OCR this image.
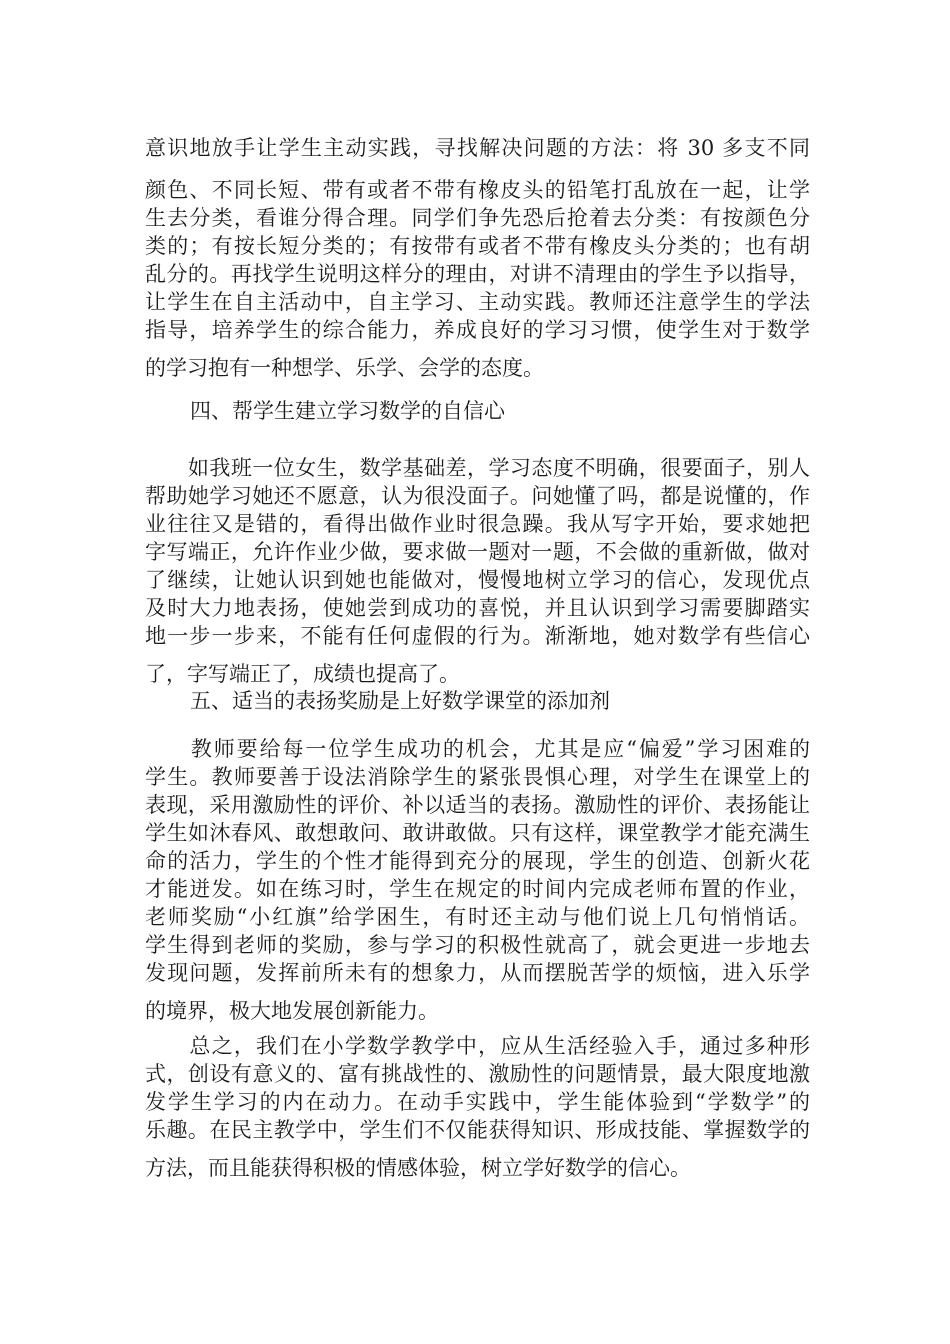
意识地放手让学生主动实践，寻找解决问题的方法：将 30 多支不同
颜色、不同长短、带有或者不带有橡皮头的铅笔打乱放在一起，让学
生去分类，看谁分得合理。同学们争先恐后抢着去分类：有按颜色分
类的；有按长短分类的；有按带有或者不带有橡皮头分类的；也有胡
乱分的。再找学生说明这样分的理由，对讲不清理由的学生予以指导，
让学生在自主活动中，自主学习、主动实践。教师还注意学生的学法
指导，培养学生的综合能力，养成良好的学习习惯，使学生对于数学
的学习抱有一种想学、乐学、会学的态度。
四、帮学生建立学习数学的自信心
　　如我班一位女生，数学基础差，学习态度不明确，很要面子，别人
帮助她学习她还不愿意，认为很没面子。问她懂了吗，都是说懂的，作
业往往又是错的，看得出做作业时很急躁。我从写字开始，要求她把
字写端正，允许作业少做，要求做一题对一题，不会做的重新做，做对
了继续，让她认识到她也能做对，慢慢地树立学习的信心，发现优点
及时大力地表扬，使她尝到成功的喜悦，并且认识到学习需要脚踏实
地一步一步来，不能有任何虚假的行为。渐渐地，她对数学有些信心
了，字写端正了，成绩也提高了。
五、适当的表扬奖励是上好数学课堂的添加剂
　　教师要给每一位学生成功的机会，尤其是应“偏爱”学习困难的
学生。教师要善于设法消除学生的紧张畏惧心理，对学生在课堂上的
表现，采用激励性的评价、补以适当的表扬。激励性的评价、表扬能让
学生如沐春风、敢想敢问、敢讲敢做。只有这样，课堂教学才能充满生
命的活力，学生的个性才能得到充分的展现，学生的创造、创新火花
才能迸发。如在练习时，学生在规定的时间内完成老师布置的作业，
老师奖励“小红旗”给学困生，有时还主动与他们说上几句悄悄话。
学生得到老师的奖励，参与学习的积极性就高了，就会更进一步地去
发现问题，发挥前所未有的想象力，从而摆脱苦学的烦恼，进入乐学
的境界，极大地发展创新能力。
　　总之，我们在小学数学教学中，应从生活经验入手，通过多种形
式，创设有意义的、富有挑战性的、激励性的问题情景，最大限度地激
发学生学习的内在动力。在动手实践中，学生能体验到“学数学”的
乐趣。在民主教学中，学生们不仅能获得知识、形成技能、掌握数学的
方法，而且能获得积极的情感体验，树立学好数学的信心。
